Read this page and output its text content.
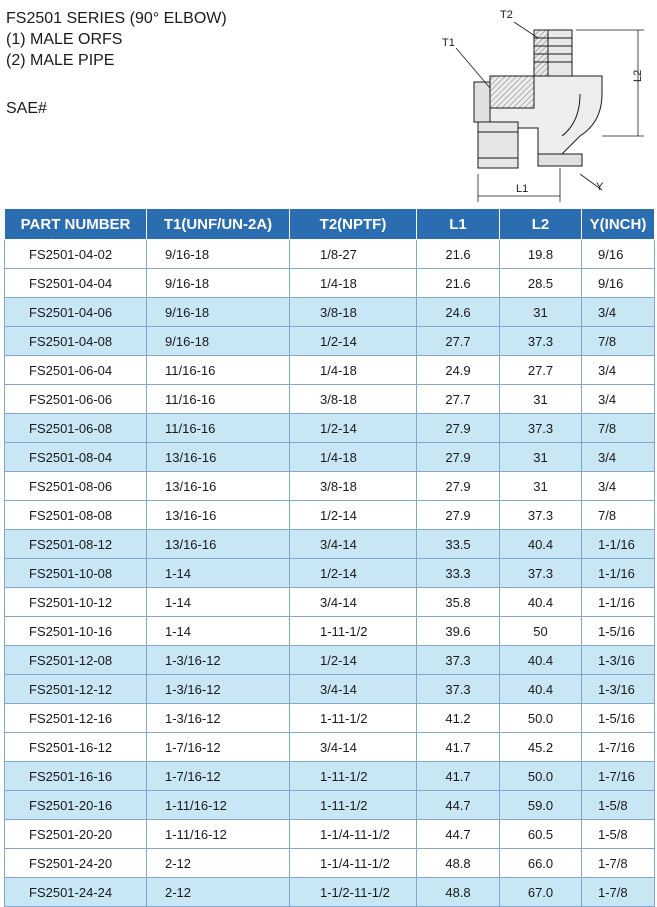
FS2501 SERIES (90° ELBOW)

(1) MALE ORFS

(2) MALE PIPE

SAE#
L1
L2
T1
T2
Y
PART NUMBER	T1(UNF/UN-2A)	T2(NPTF)	L1	L2	Y(INCH)
FS2501-04-02	9/16-18	1/8-27	21.6	19.8	9/16
FS2501-04-04	9/16-18	1/4-18	21.6	28.5	9/16
FS2501-04-06	9/16-18	3/8-18	24.6	31	3/4
FS2501-04-08	9/16-18	1/2-14	27.7	37.3	7/8
FS2501-06-04	11/16-16	1/4-18	24.9	27.7	3/4
FS2501-06-06	11/16-16	3/8-18	27.7	31	3/4
FS2501-06-08	11/16-16	1/2-14	27.9	37.3	7/8
FS2501-08-04	13/16-16	1/4-18	27.9	31	3/4
FS2501-08-06	13/16-16	3/8-18	27.9	31	3/4
FS2501-08-08	13/16-16	1/2-14	27.9	37.3	7/8
FS2501-08-12	13/16-16	3/4-14	33.5	40.4	1-1/16
FS2501-10-08	1-14	1/2-14	33.3	37.3	1-1/16
FS2501-10-12	1-14	3/4-14	35.8	40.4	1-1/16
FS2501-10-16	1-14	1-11-1/2	39.6	50	1-5/16
FS2501-12-08	1-3/16-12	1/2-14	37.3	40.4	1-3/16
FS2501-12-12	1-3/16-12	3/4-14	37.3	40.4	1-3/16
FS2501-12-16	1-3/16-12	1-11-1/2	41.2	50.0	1-5/16
FS2501-16-12	1-7/16-12	3/4-14	41.7	45.2	1-7/16
FS2501-16-16	1-7/16-12	1-11-1/2	41.7	50.0	1-7/16
FS2501-20-16	1-11/16-12	1-11-1/2	44.7	59.0	1-5/8
FS2501-20-20	1-11/16-12	1-1/4-11-1/2	44.7	60.5	1-5/8
FS2501-24-20	2-12	1-1/4-11-1/2	48.8	66.0	1-7/8
FS2501-24-24	2-12	1-1/2-11-1/2	48.8	67.0	1-7/8
